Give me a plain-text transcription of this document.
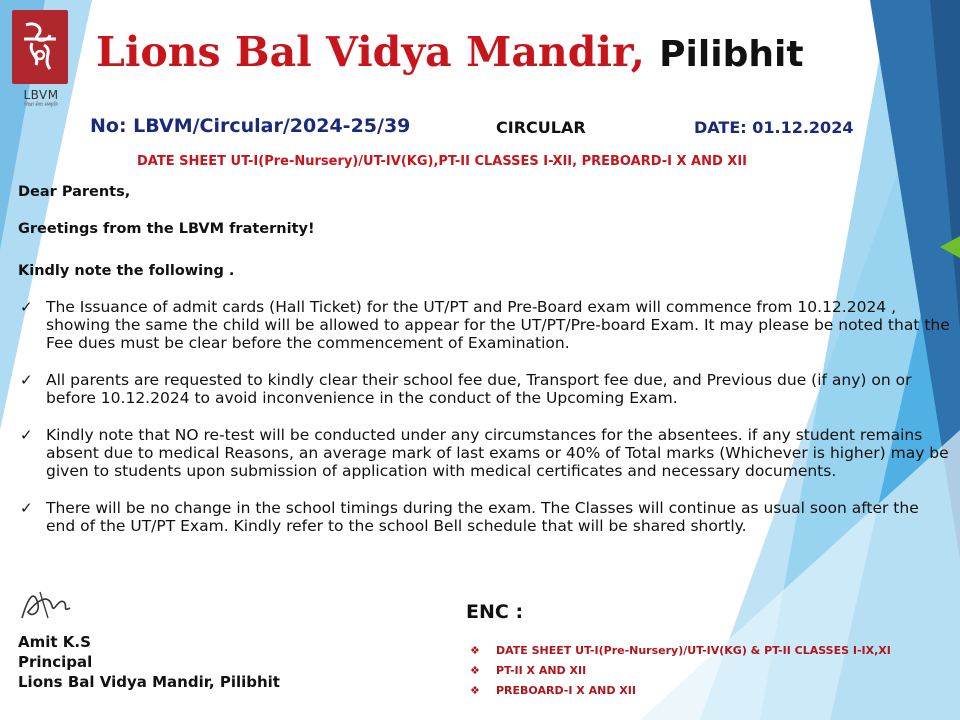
LBVM
शिक्षा सेवा संस्कृति
Lions Bal Vidya Mandir, Pilibhit
No: LBVM/Circular/2024-25/39	CIRCULAR	DATE: 01.12.2024
DATE SHEET UT-I(Pre-Nursery)/UT-IV(KG),PT-II CLASSES I-XII, PREBOARD-I X AND XII
Dear Parents,
Greetings from the LBVM fraternity!
Kindly note the following .
✓ The Issuance of admit cards (Hall Ticket) for the UT/PT and Pre-Board exam will commence from 10.12.2024 , showing the same the child will be allowed to appear for the UT/PT/Pre-board Exam. It may please be noted that the Fee dues must be clear before the commencement of Examination.
✓ All parents are requested to kindly clear their school fee due, Transport fee due, and Previous due (if any) on or before 10.12.2024 to avoid inconvenience in the conduct of the Upcoming Exam.
✓ Kindly note that NO re-test will be conducted under any circumstances for the absentees. if any student remains absent due to medical Reasons, an average mark of last exams or 40% of Total marks (Whichever is higher) may be given to students upon submission of application with medical certificates and necessary documents.
✓ There will be no change in the school timings during the exam. The Classes will continue as usual soon after the end of the UT/PT Exam. Kindly refer to the school Bell schedule that will be shared shortly.
Amit K.S
Principal
Lions Bal Vidya Mandir, Pilibhit
ENC :
❖ DATE SHEET UT-I(Pre-Nursery)/UT-IV(KG) & PT-II CLASSES I-IX,XI
❖ PT-II X AND XII
❖ PREBOARD-I X AND XII
